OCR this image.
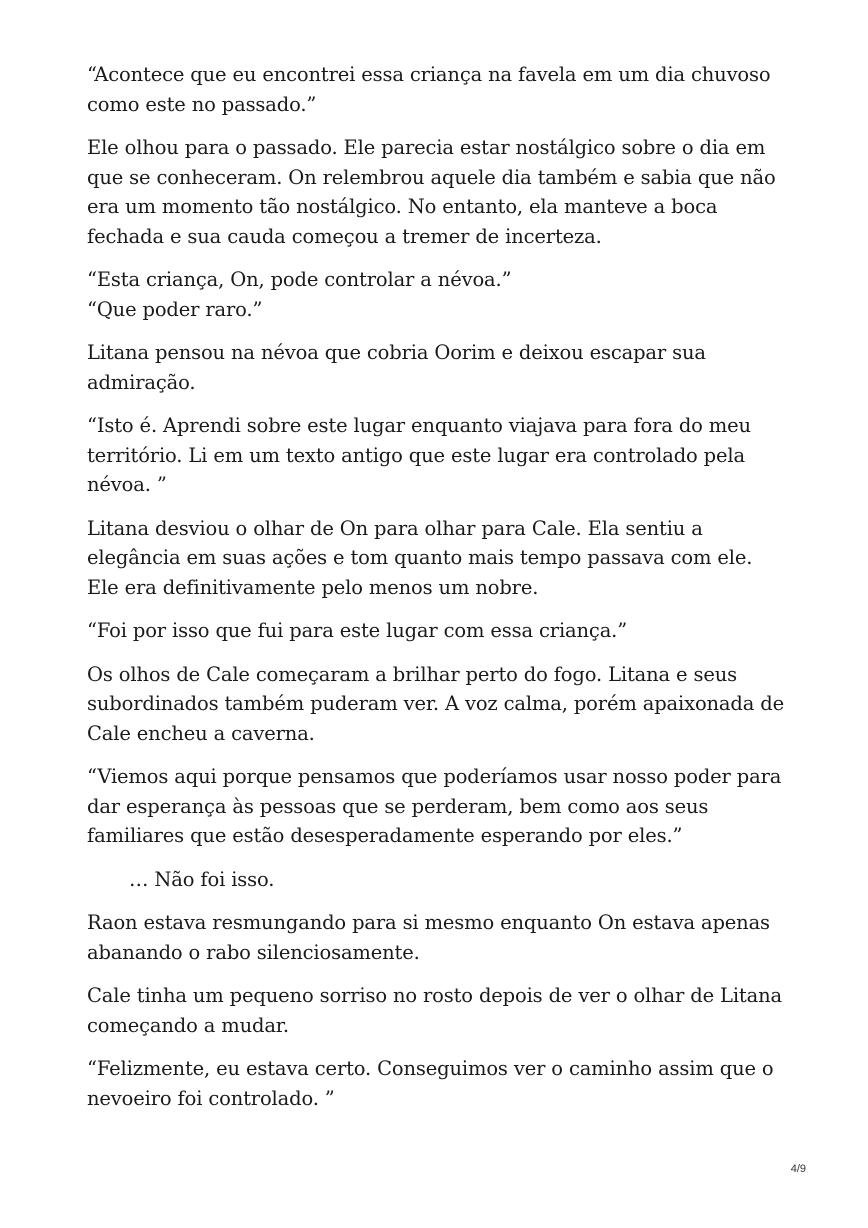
“Acontece que eu encontrei essa criança na favela em um dia chuvoso como este no passado.”

Ele olhou para o passado. Ele parecia estar nostálgico sobre o dia em que se conheceram. On relembrou aquele dia também e sabia que não era um momento tão nostálgico. No entanto, ela manteve a boca fechada e sua cauda começou a tremer de incerteza.

“Esta criança, On, pode controlar a névoa.”

“Que poder raro.”

Litana pensou na névoa que cobria Oorim e deixou escapar sua admiração.

“Isto é. Aprendi sobre este lugar enquanto viajava para fora do meu território. Li em um texto antigo que este lugar era controlado pela névoa. ”

Litana desviou o olhar de On para olhar para Cale. Ela sentiu a elegância em suas ações e tom quanto mais tempo passava com ele. Ele era definitivamente pelo menos um nobre.

“Foi por isso que fui para este lugar com essa criança.”

Os olhos de Cale começaram a brilhar perto do fogo. Litana e seus subordinados também puderam ver. A voz calma, porém apaixonada de Cale encheu a caverna.

“Viemos aqui porque pensamos que poderíamos usar nosso poder para dar esperança às pessoas que se perderam, bem como aos seus familiares que estão desesperadamente esperando por eles.”

… Não foi isso.

Raon estava resmungando para si mesmo enquanto On estava apenas abanando o rabo silenciosamente.

Cale tinha um pequeno sorriso no rosto depois de ver o olhar de Litana começando a mudar.

“Felizmente, eu estava certo. Conseguimos ver o caminho assim que o nevoeiro foi controlado. ”

4/9
